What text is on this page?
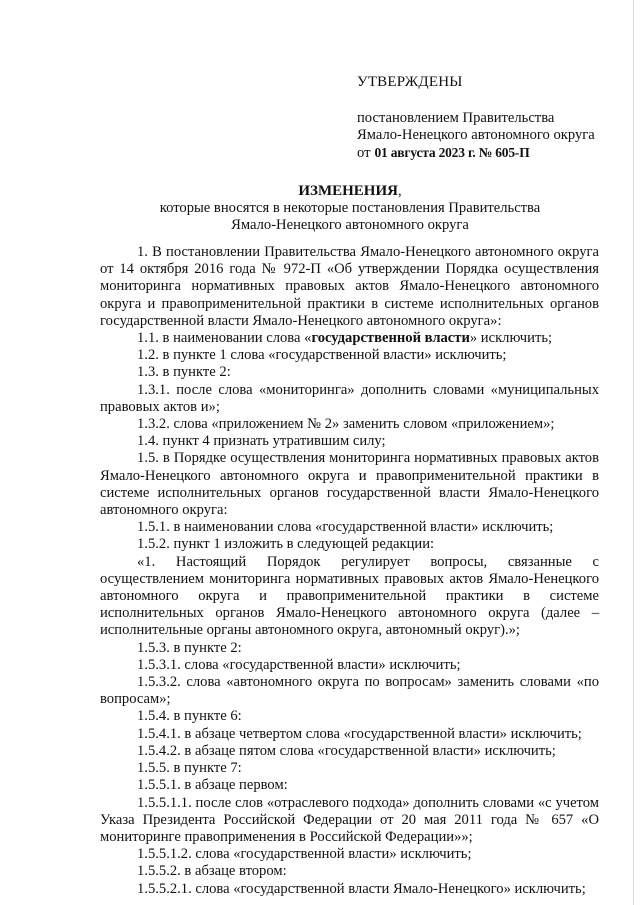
УТВЕРЖДЕНЫ
постановлением Правительства
Ямало-Ненецкого автономного округа
от 01 августа 2023 г. № 605-П
ИЗМЕНЕНИЯ,
которые вносятся в некоторые постановления Правительства
Ямало-Ненецкого автономного округа

1. В постановлении Правительства Ямало-Ненецкого автономного округа от 14 октября 2016 года № 972-П «Об утверждении Порядка осуществления мониторинга нормативных правовых актов Ямало-Ненецкого автономного округа и правоприменительной практики в системе исполнительных органов государственной власти Ямало-Ненецкого автономного округа»:

1.1. в наименовании слова «государственной власти» исключить;

1.2. в пункте 1 слова «государственной власти» исключить;

1.3. в пункте 2:

1.3.1. после слова «мониторинга» дополнить словами «муниципальных правовых актов и»;

1.3.2. слова «приложением № 2» заменить словом «приложением»;

1.4. пункт 4 признать утратившим силу;

1.5. в Порядке осуществления мониторинга нормативных правовых актов Ямало-Ненецкого автономного округа и правоприменительной практики в системе исполнительных органов государственной власти Ямало-Ненецкого автономного округа:

1.5.1. в наименовании слова «государственной власти» исключить;

1.5.2. пункт 1 изложить в следующей редакции:

«1. Настоящий Порядок регулирует вопросы, связанные с осуществлением мониторинга нормативных правовых актов Ямало-Ненецкого автономного округа и правоприменительной практики в системе исполнительных органов Ямало-Ненецкого автономного округа (далее – исполнительные органы автономного округа, автономный округ).»;

1.5.3. в пункте 2:

1.5.3.1. слова «государственной власти» исключить;

1.5.3.2. слова «автономного округа по вопросам» заменить словами «по вопросам»;

1.5.4. в пункте 6:

1.5.4.1. в абзаце четвертом слова «государственной власти» исключить;

1.5.4.2. в абзаце пятом слова «государственной власти» исключить;

1.5.5. в пункте 7:

1.5.5.1. в абзаце первом:

1.5.5.1.1. после слов «отраслевого подхода» дополнить словами «с учетом Указа Президента Российской Федерации от 20 мая 2011 года № 657 «О мониторинге правоприменения в Российской Федерации»»;

1.5.5.1.2. слова «государственной власти» исключить;

1.5.5.2. в абзаце втором:

1.5.5.2.1. слова «государственной власти Ямало-Ненецкого» исключить;
